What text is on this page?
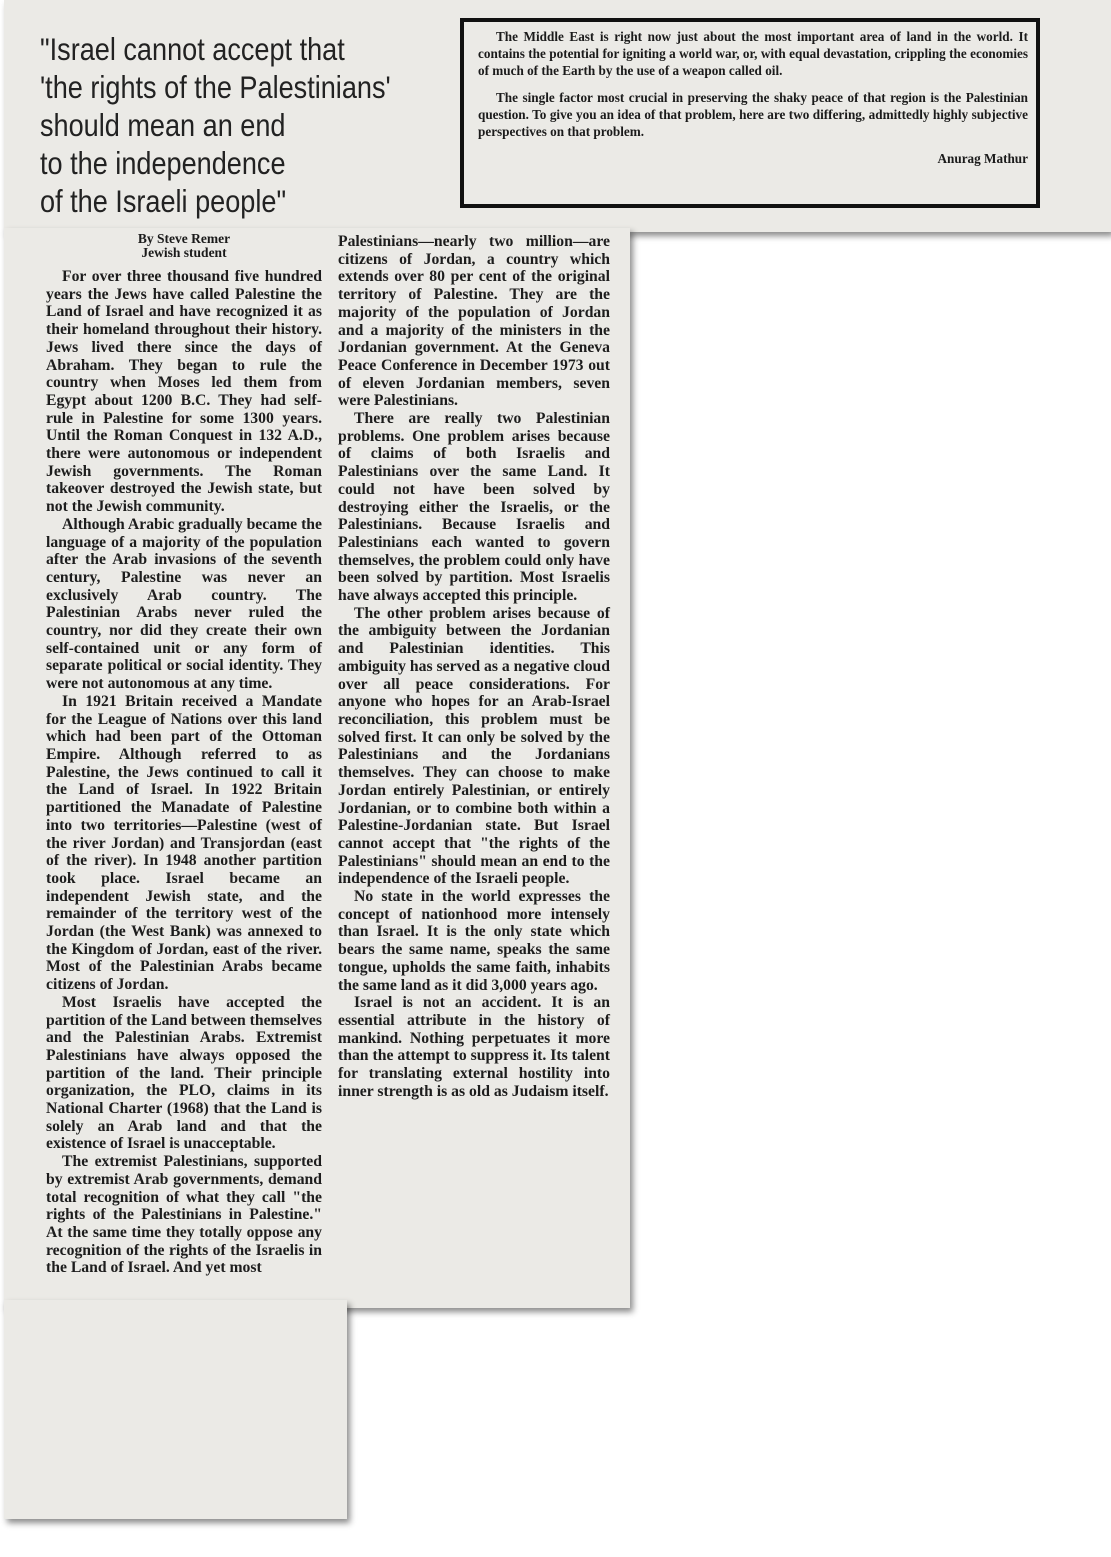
"Israel cannot accept that
'the rights of the Palestinians'
should mean an end
to the independence
of the Israeli people"

The Middle East is right now just about the most important area of land in the world. It contains the potential for igniting a world war, or, with equal devastation, crippling the economies of much of the Earth by the use of a weapon called oil.

The single factor most crucial in preserving the shaky peace of that region is the Palestinian question. To give you an idea of that problem, here are two differing, admittedly highly subjective perspectives on that problem.

Anurag Mathur
By Steve Remer
Jewish student

For over three thousand five hundred years the Jews have called Palestine the Land of Israel and have recognized it as their homeland throughout their history. Jews lived there since the days of Abraham. They began to rule the country when Moses led them from Egypt about 1200 B.C. They had self-rule in Palestine for some 1300 years. Until the Roman Conquest in 132 A.D., there were autonomous or independent Jewish governments. The Roman takeover destroyed the Jewish state, but not the Jewish community.

Although Arabic gradually became the language of a majority of the population after the Arab invasions of the seventh century, Palestine was never an exclusively Arab country. The Palestinian Arabs never ruled the country, nor did they create their own self-contained unit or any form of separate political or social identity. They were not autonomous at any time.

In 1921 Britain received a Mandate for the League of Nations over this land which had been part of the Ottoman Empire. Although referred to as Palestine, the Jews continued to call it the Land of Israel. In 1922 Britain partitioned the Manadate of Palestine into two territories—Palestine (west of the river Jordan) and Transjordan (east of the river). In 1948 another partition took place. Israel became an independent Jewish state, and the remainder of the territory west of the Jordan (the West Bank) was annexed to the Kingdom of Jordan, east of the river. Most of the Palestinian Arabs became citizens of Jordan.

Most Israelis have accepted the partition of the Land between themselves and the Palestinian Arabs. Extremist Palestinians have always opposed the partition of the land. Their principle organization, the PLO, claims in its National Charter (1968) that the Land is solely an Arab land and that the existence of Israel is unacceptable.

The extremist Palestinians, supported by extremist Arab governments, demand total recognition of what they call "the rights of the Palestinians in Palestine." At the same time they totally oppose any recognition of the rights of the Israelis in the Land of Israel. And yet most

Palestinians—nearly two million—are citizens of Jordan, a country which extends over 80 per cent of the original territory of Palestine. They are the majority of the population of Jordan and a majority of the ministers in the Jordanian government. At the Geneva Peace Conference in December 1973 out of eleven Jordanian members, seven were Palestinians.

There are really two Palestinian problems. One problem arises because of claims of both Israelis and Palestinians over the same Land. It could not have been solved by destroying either the Israelis, or the Palestinians. Because Israelis and Palestinians each wanted to govern themselves, the problem could only have been solved by partition. Most Israelis have always accepted this principle.

The other problem arises because of the ambiguity between the Jordanian and Palestinian identities. This ambiguity has served as a negative cloud over all peace considerations. For anyone who hopes for an Arab-Israel reconciliation, this problem must be solved first. It can only be solved by the Palestinians and the Jordanians themselves. They can choose to make Jordan entirely Palestinian, or entirely Jordanian, or to combine both within a Palestine-Jordanian state. But Israel cannot accept that "the rights of the Palestinians" should mean an end to the independence of the Israeli people.

No state in the world expresses the concept of nationhood more intensely than Israel. It is the only state which bears the same name, speaks the same tongue, upholds the same faith, inhabits the same land as it did 3,000 years ago.

Israel is not an accident. It is an essential attribute in the history of mankind. Nothing perpetuates it more than the attempt to suppress it. Its talent for translating external hostility into inner strength is as old as Judaism itself.
